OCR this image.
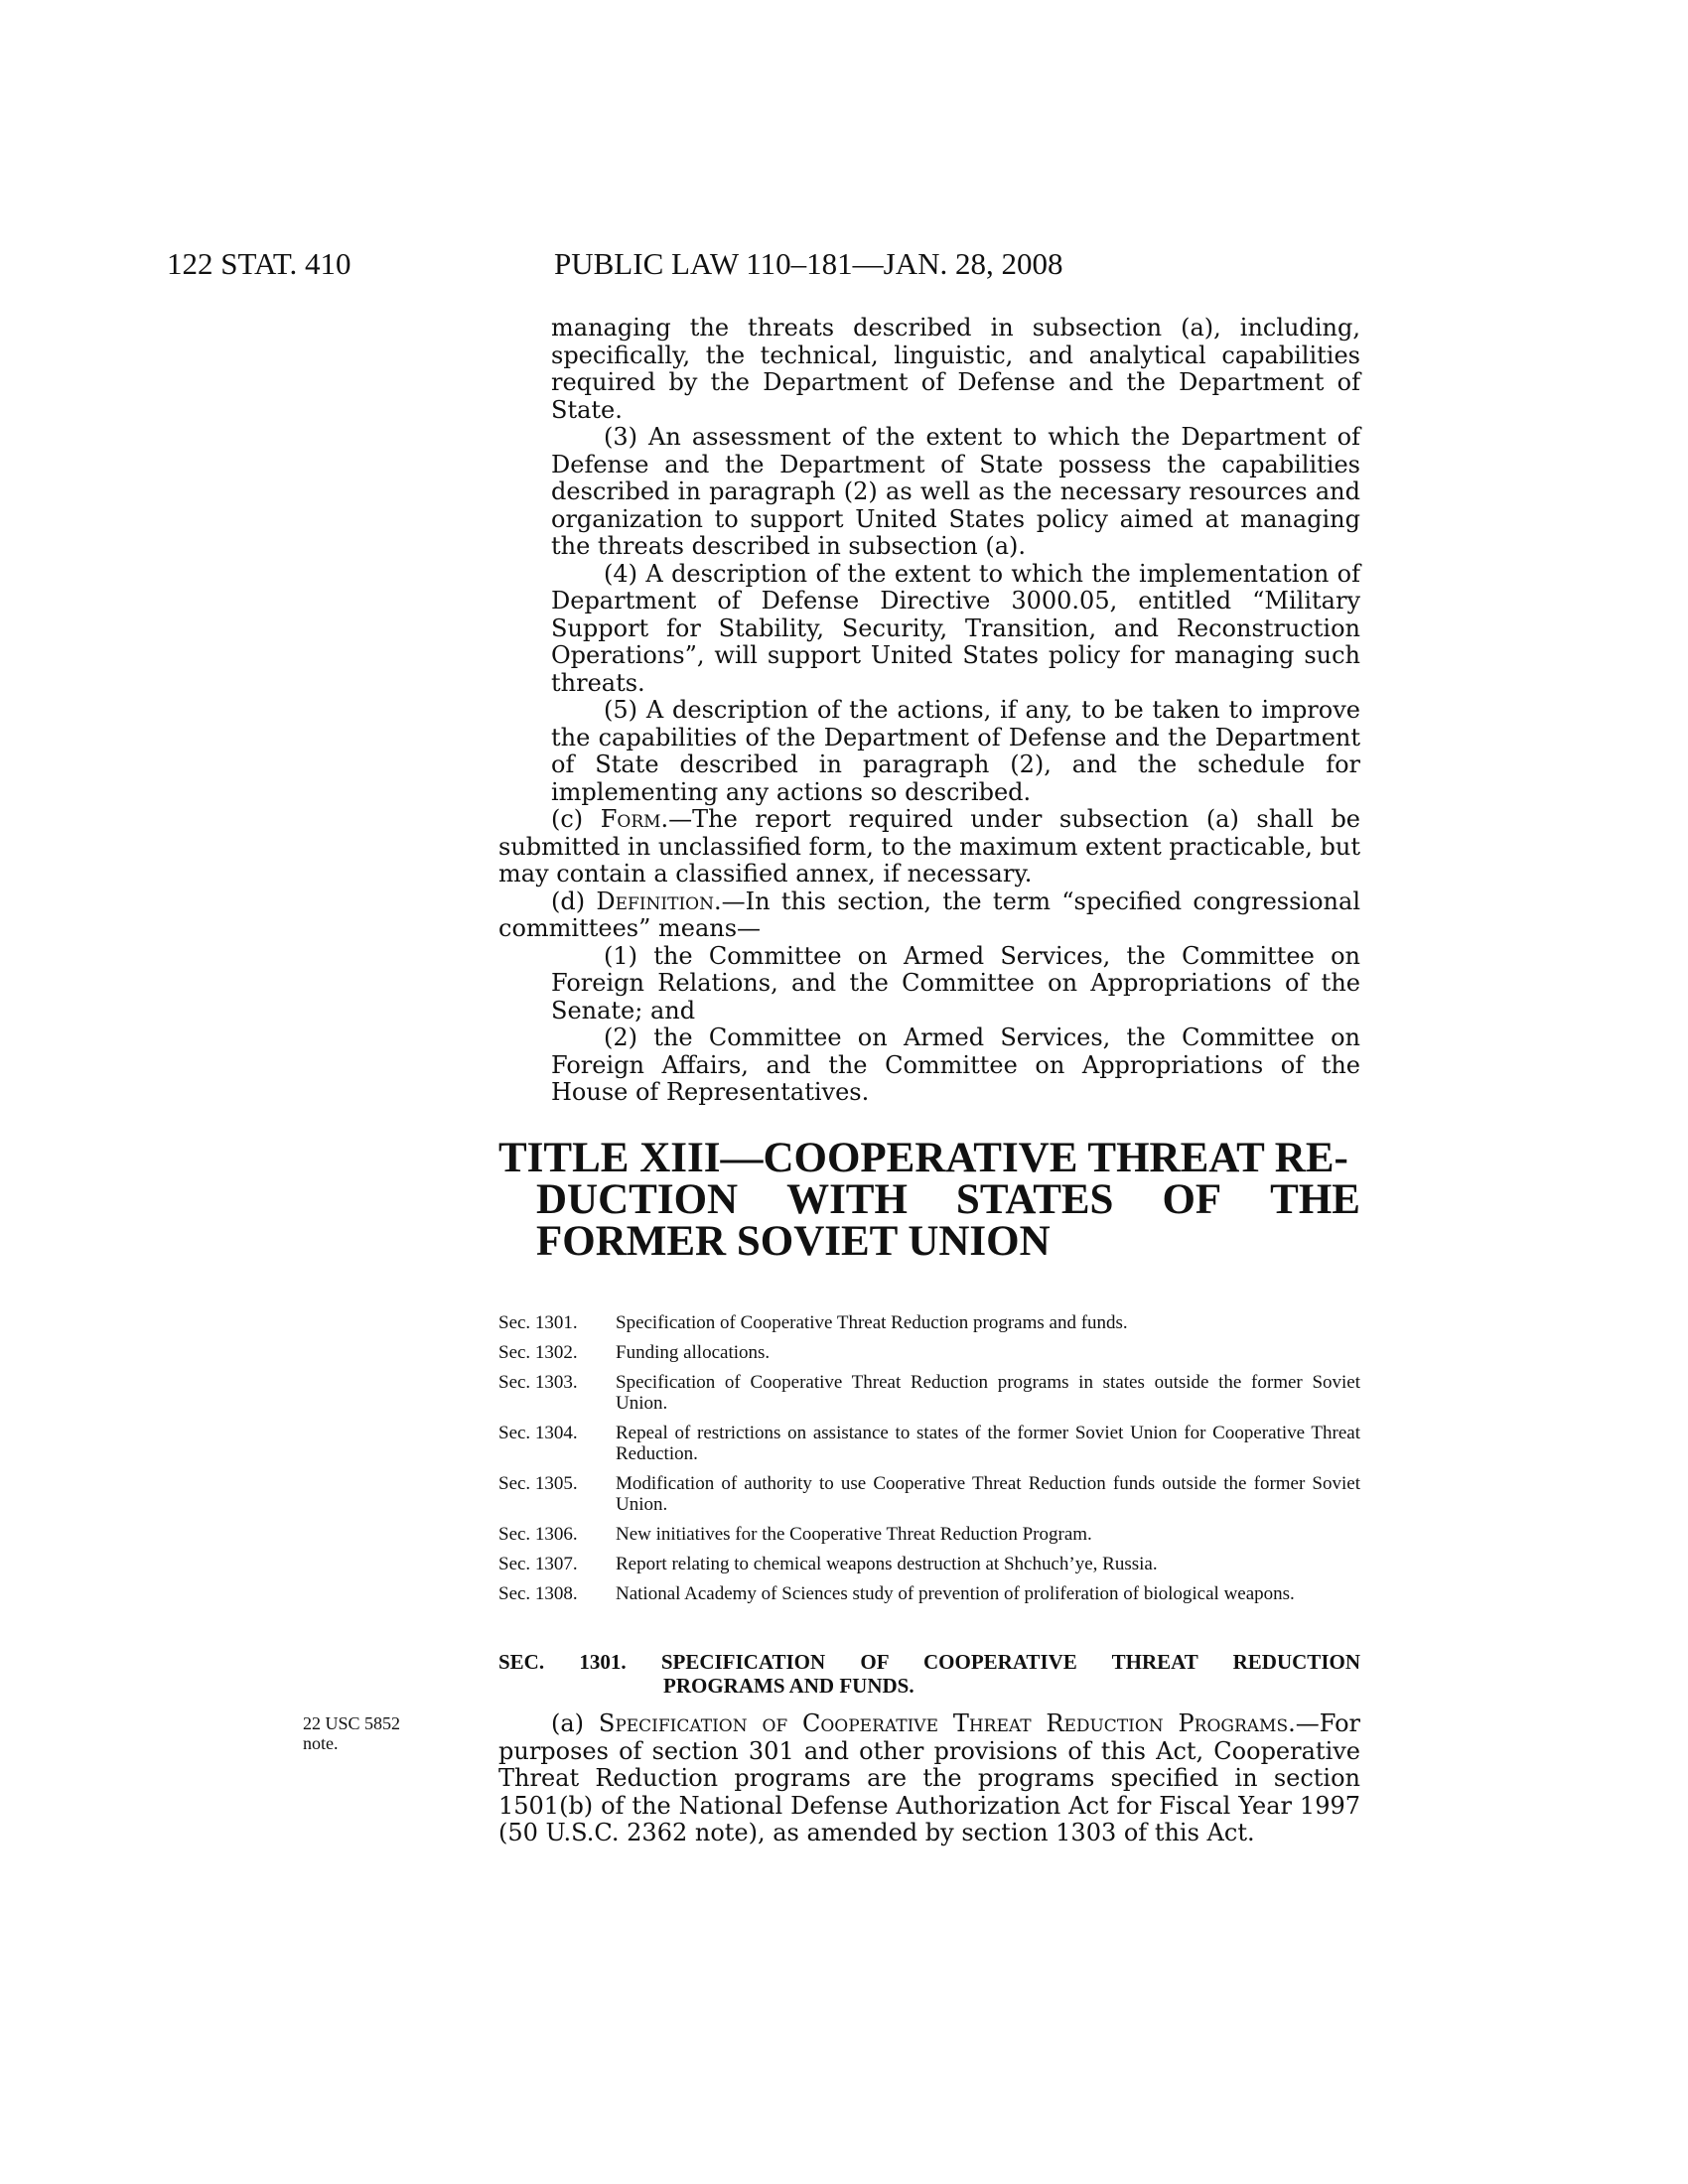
122 STAT. 410	PUBLIC LAW 110–181—JAN. 28, 2008

managing the threats described in subsection (a), including, specifically, the technical, linguistic, and analytical capabilities required by the Department of Defense and the Department of State.

(3) An assessment of the extent to which the Department of Defense and the Department of State possess the capabilities described in paragraph (2) as well as the necessary resources and organization to support United States policy aimed at managing the threats described in subsection (a).

(4) A description of the extent to which the implementation of Department of Defense Directive 3000.05, entitled “Military Support for Stability, Security, Transition, and Reconstruction Operations”, will support United States policy for managing such threats.

(5) A description of the actions, if any, to be taken to improve the capabilities of the Department of Defense and the Department of State described in paragraph (2), and the schedule for implementing any actions so described.

(c) Form.—The report required under subsection (a) shall be submitted in unclassified form, to the maximum extent practicable, but may contain a classified annex, if necessary.

(d) Definition.—In this section, the term “specified congressional committees” means—

(1) the Committee on Armed Services, the Committee on Foreign Relations, and the Committee on Appropriations of the Senate; and

(2) the Committee on Armed Services, the Committee on Foreign Affairs, and the Committee on Appropriations of the House of Representatives.

TITLE XIII—COOPERATIVE THREAT RE-
DUCTION WITH STATES OF THE
FORMER SOVIET UNION
Sec. 1301.	Specification of Cooperative Threat Reduction programs and funds.
Sec. 1302.	Funding allocations.
Sec. 1303.	Specification of Cooperative Threat Reduction programs in states outside the former Soviet Union.
Sec. 1304.	Repeal of restrictions on assistance to states of the former Soviet Union for Cooperative Threat Reduction.
Sec. 1305.	Modification of authority to use Cooperative Threat Reduction funds outside the former Soviet Union.
Sec. 1306.	New initiatives for the Cooperative Threat Reduction Program.
Sec. 1307.	Report relating to chemical weapons destruction at Shchuch’ye, Russia.
Sec. 1308.	National Academy of Sciences study of prevention of proliferation of biological weapons.
SEC. 1301. SPECIFICATION OF COOPERATIVE THREAT REDUCTION
PROGRAMS AND FUNDS.
22 USC 5852
note.

(a) Specification of Cooperative Threat Reduction Programs.—For purposes of section 301 and other provisions of this Act, Cooperative Threat Reduction programs are the programs specified in section 1501(b) of the National Defense Authorization Act for Fiscal Year 1997 (50 U.S.C. 2362 note), as amended by section 1303 of this Act.
